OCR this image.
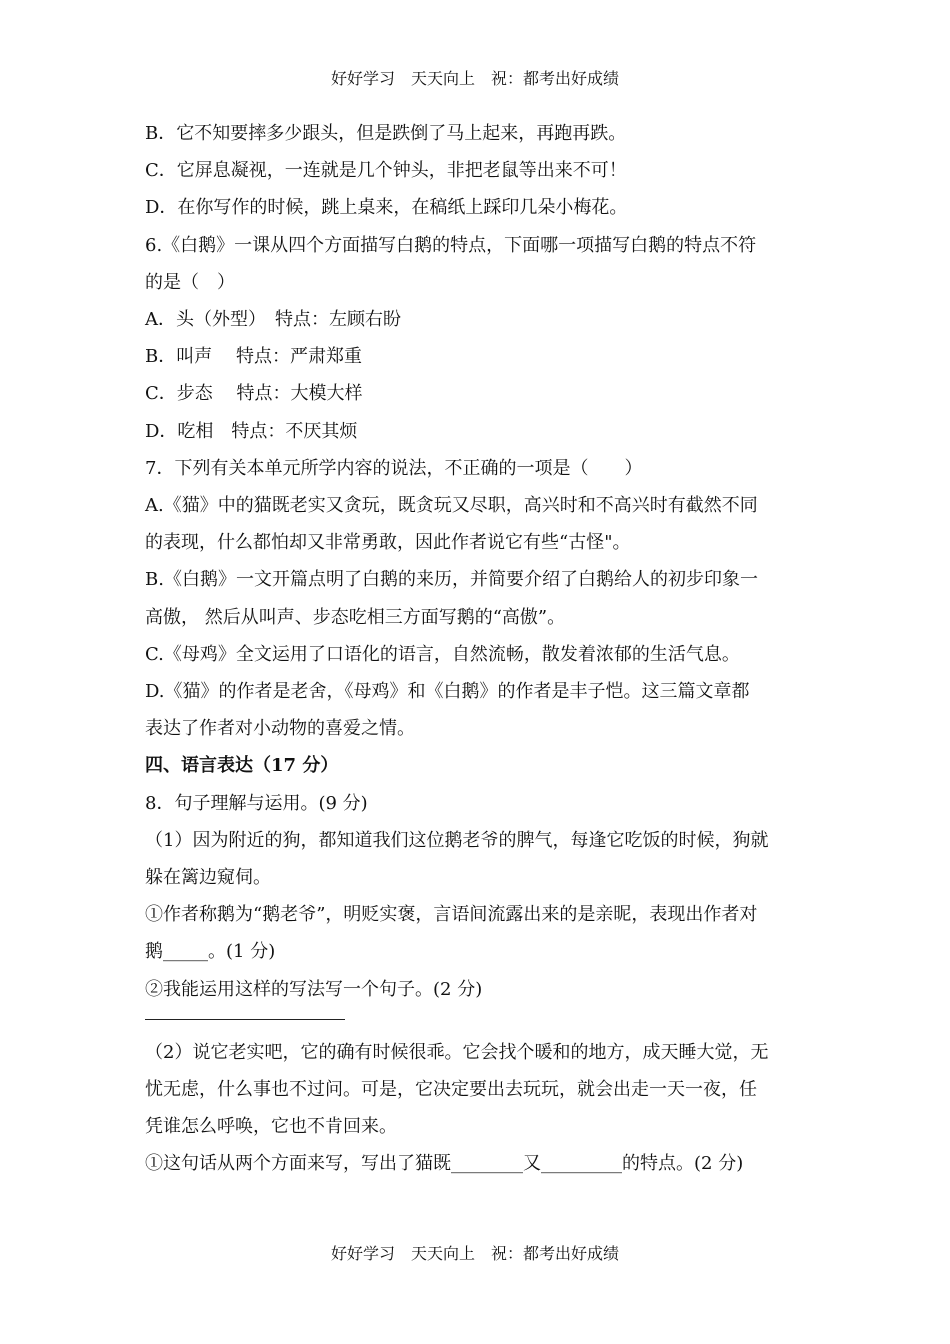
好好学习　天天向上　祝：都考出好成绩
B．它不知要摔多少跟头，但是跌倒了马上起来，再跑再跌。
C．它屏息凝视，一连就是几个钟头，非把老鼠等出来不可！
D．在你写作的时候，跳上桌来，在稿纸上踩印几朵小梅花。
6.《白鹅》一课从四个方面描写白鹅的特点，下面哪一项描写白鹅的特点不符
的是（　）
A．头（外型）　特点：左顾右盼
B．叫声　 特点：严肃郑重
C．步态　 特点：大模大样
D．吃相　特点：不厌其烦
7．下列有关本单元所学内容的说法，不正确的一项是（　　）
A.《猫》中的猫既老实又贪玩，既贪玩又尽职，高兴时和不高兴时有截然不同
的表现，什么都怕却又非常勇敢，因此作者说它有些“古怪"。
B.《白鹅》一文开篇点明了白鹅的来历，并简要介绍了白鹅给人的初步印象一
高傲， 然后从叫声、步态吃相三方面写鹅的“高傲”。
C.《母鸡》全文运用了口语化的语言，自然流畅，散发着浓郁的生活气息。
D.《猫》的作者是老舍，《母鸡》和《白鹅》的作者是丰子恺。这三篇文章都
表达了作者对小动物的喜爱之情。
四、语言表达（17 分）
8．句子理解与运用。(9 分)
（1）因为附近的狗，都知道我们这位鹅老爷的脾气，每逢它吃饭的时候，狗就
躲在篱边窥伺。
①作者称鹅为“鹅老爷”，明贬实褒，言语间流露出来的是亲昵，表现出作者对
鹅_____。(1 分)
②我能运用这样的写法写一个句子。(2 分)
（2）说它老实吧，它的确有时候很乖。它会找个暖和的地方，成天睡大觉，无
忧无虑，什么事也不过问。可是，它决定要出去玩玩，就会出走一天一夜，任
凭谁怎么呼唤，它也不肯回来。
①这句话从两个方面来写，写出了猫既________又_________的特点。(2 分)
好好学习　天天向上　祝：都考出好成绩
